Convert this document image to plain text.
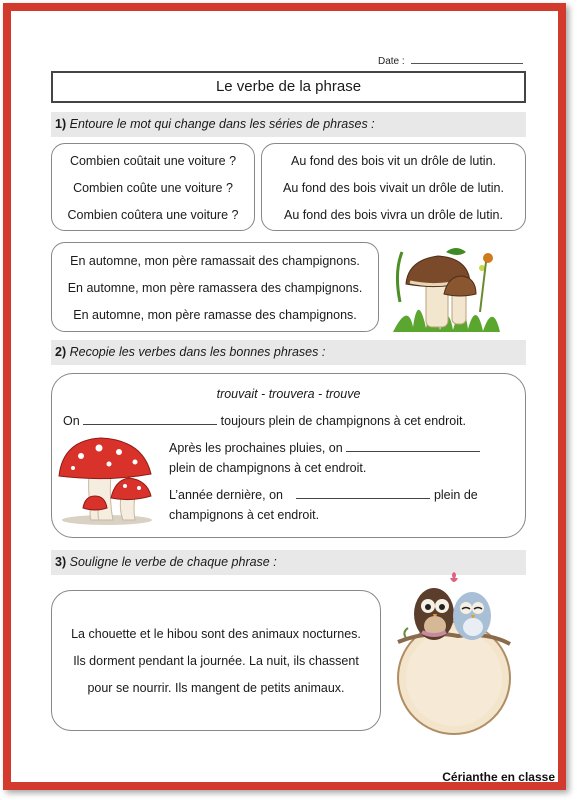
Date :
Le verbe de la phrase
1) Entoure le mot qui change dans les séries de phrases :
Combien coûtait une voiture ?
Combien coûte une voiture ?
Combien coûtera une voiture ?
Au fond des bois vit un drôle de lutin.
Au fond des bois vivait un drôle de lutin.
Au fond des bois vivra un drôle de lutin.
En automne, mon père ramassait des champignons.
En automne, mon père ramassera des champignons.
En automne, mon père ramasse des champignons.
2) Recopie les verbes dans les bonnes phrases :
trouvait - trouvera - trouve
On	toujours plein de champignons à cet endroit.
Après les prochaines pluies, on
plein de champignons à cet endroit.
L’année dernière, on	plein de
champignons à cet endroit.
3) Souligne le verbe de chaque phrase :
La chouette et le hibou sont des animaux nocturnes.
Ils dorment pendant la journée. La nuit, ils chassent
pour se nourrir. Ils mangent de petits animaux.
Cérianthe en classe
